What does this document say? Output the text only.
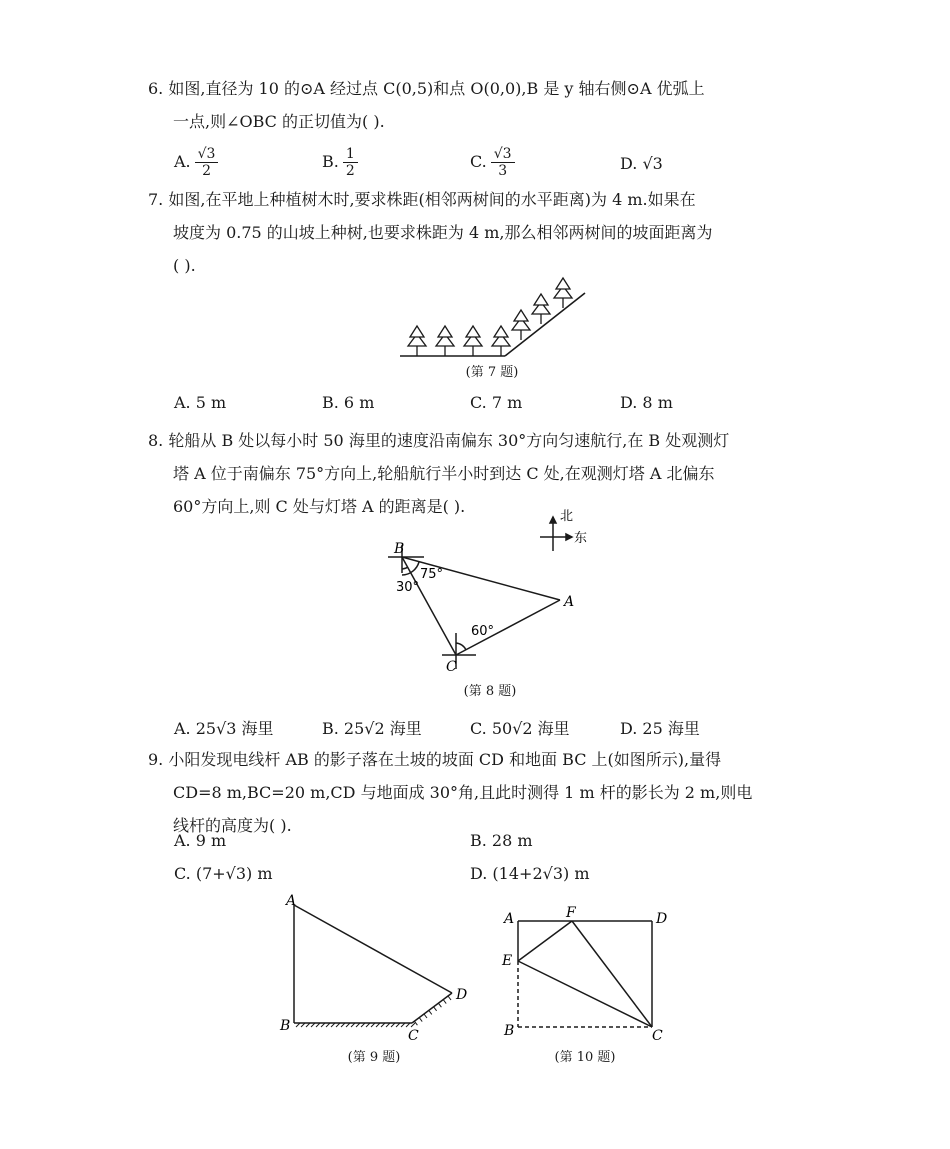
6. 如图,直径为 10 的⊙A 经过点 C(0,5)和点 O(0,0),B 是 y 轴右侧⊙A 优弧上
一点,则∠OBC 的正切值为( ).
A. $\frac{√3}{2}$	B. $\frac{1}{2}$	C. $\frac{√3}{3}$	D. √3
7. 如图,在平地上种植树木时,要求株距(相邻两树间的水平距离)为 4 m.如果在
坡度为 0.75 的山坡上种树,也要求株距为 4 m,那么相邻两树间的坡面距离为
( ).
(第 7 题)
A. 5 m	B. 6 m	C. 7 m	D. 8 m
8. 轮船从 B 处以每小时 50 海里的速度沿南偏东 30°方向匀速航行,在 B 处观测灯
塔 A 位于南偏东 75°方向上,轮船航行半小时到达 C 处,在观测灯塔 A 北偏东
60°方向上,则 C 处与灯塔 A 的距离是( ).
B
A
C
75°
30°
60°
北
东
(第 8 题)
A. 25√3 海里	B. 25√2 海里	C. 50√2 海里	D. 25 海里
9. 小阳发现电线杆 AB 的影子落在土坡的坡面 CD 和地面 BC 上(如图所示),量得
CD=8 m,BC=20 m,CD 与地面成 30°角,且此时测得 1 m 杆的影长为 2 m,则电
线杆的高度为( ).
A. 9 m	B. 28 m
C. (7+√3) m	D. (14+2√3) m
A
B
C
D
(第 9 题)
A	F	D
E
B	C
(第 10 题)
